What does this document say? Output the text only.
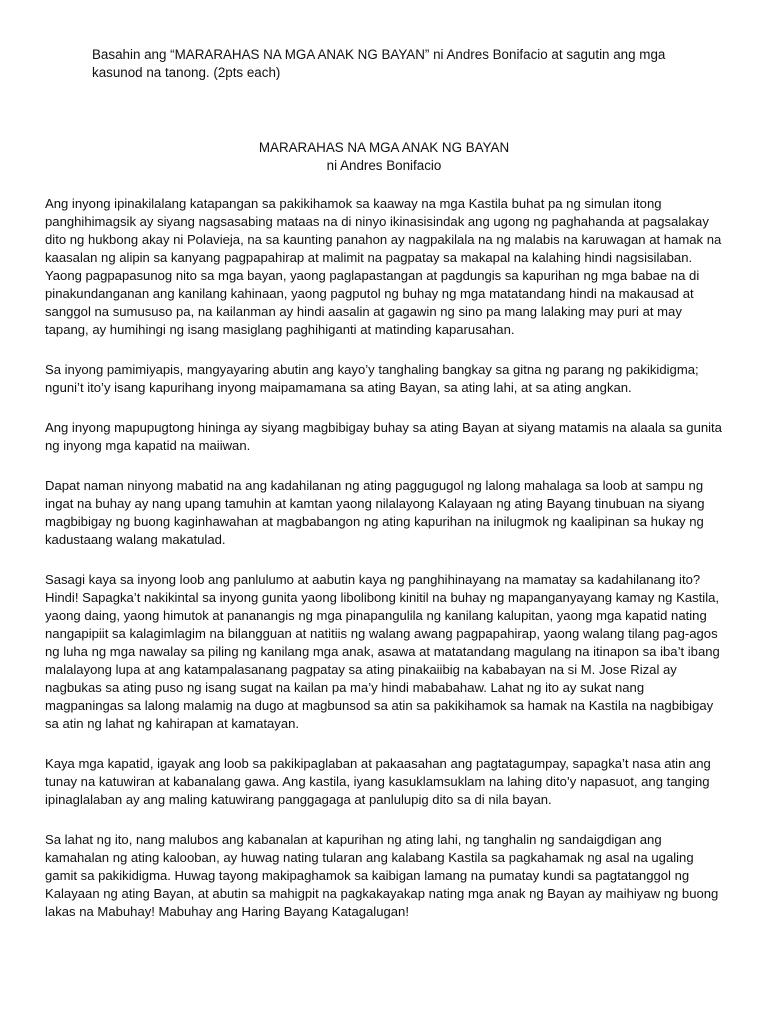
Basahin ang “MARARAHAS NA MGA ANAK NG BAYAN” ni Andres Bonifacio at sagutin ang mga kasunod na tanong. (2pts each)

MARARAHAS NA MGA ANAK NG BAYAN
ni Andres Bonifacio

Ang inyong ipinakilalang katapangan sa pakikihamok sa kaaway na mga Kastila buhat pa ng simulan itong panghihimagsik ay siyang nagsasabing mataas na di ninyo ikinasisindak ang ugong ng paghahanda at pagsalakay dito ng hukbong akay ni Polavieja, na sa kaunting panahon ay nagpakilala na ng malabis na karuwagan at hamak na kaasalan ng alipin sa kanyang pagpapahirap at malimit na pagpatay sa makapal na kalahing hindi nagsisilaban. Yaong pagpapasunog nito sa mga bayan, yaong paglapastangan at pagdungis sa kapurihan ng mga babae na di pinakundanganan ang kanilang kahinaan, yaong pagputol ng buhay ng mga matatandang hindi na makausad at sanggol na sumususo pa, na kailanman ay hindi aasalin at gagawin ng sino pa mang lalaking may puri at may tapang, ay humihingi ng isang masiglang paghihiganti at matinding kaparusahan.

Sa inyong pamimiyapis, mangyayaring abutin ang kayo’y tanghaling bangkay sa gitna ng parang ng pakikidigma; nguni’t ito’y isang kapurihang inyong maipamamana sa ating Bayan, sa ating lahi, at sa ating angkan.

Ang inyong mapupugtong hininga ay siyang magbibigay buhay sa ating Bayan at siyang matamis na alaala sa gunita ng inyong mga kapatid na maiiwan.

Dapat naman ninyong mabatid na ang kadahilanan ng ating paggugugol ng lalong mahalaga sa loob at sampu ng ingat na buhay ay nang upang tamuhin at kamtan yaong nilalayong Kalayaan ng ating Bayang tinubuan na siyang magbibigay ng buong kaginhawahan at magbabangon ng ating kapurihan na inilugmok ng kaalipinan sa hukay ng kadustaang walang makatulad.

Sasagi kaya sa inyong loob ang panlulumo at aabutin kaya ng panghihinayang na mamatay sa kadahilanang ito? Hindi! Sapagka’t nakikintal sa inyong gunita yaong libolibong kinitil na buhay ng mapanganyayang kamay ng Kastila, yaong daing, yaong himutok at pananangis ng mga pinapangulila ng kanilang kalupitan, yaong mga kapatid nating nangapipiit sa kalagimlagim na bilangguan at natitiis ng walang awang pagpapahirap, yaong walang tilang pag-agos ng luha ng mga nawalay sa piling ng kanilang mga anak, asawa at matatandang magulang na itinapon sa iba’t ibang malalayong lupa at ang katampalasanang pagpatay sa ating pinakaiibig na kababayan na si M. Jose Rizal ay nagbukas sa ating puso ng isang sugat na kailan pa ma’y hindi mababahaw. Lahat ng ito ay sukat nang magpaningas sa lalong malamig na dugo at magbunsod sa atin sa pakikihamok sa hamak na Kastila na nagbibigay sa atin ng lahat ng kahirapan at kamatayan.

Kaya mga kapatid, igayak ang loob sa pakikipaglaban at pakaasahan ang pagtatagumpay, sapagka’t nasa atin ang tunay na katuwiran at kabanalang gawa. Ang kastila, iyang kasuklamsuklam na lahing dito’y napasuot, ang tanging ipinaglalaban ay ang maling katuwirang panggagaga at panlulupig dito sa di nila bayan.

Sa lahat ng ito, nang malubos ang kabanalan at kapurihan ng ating lahi, ng tanghalin ng sandaigdigan ang kamahalan ng ating kalooban, ay huwag nating tularan ang kalabang Kastila sa pagkahamak ng asal na ugaling gamit sa pakikidigma. Huwag tayong makipaghamok sa kaibigan lamang na pumatay kundi sa pagtatanggol ng Kalayaan ng ating Bayan, at abutin sa mahigpit na pagkakayakap nating mga anak ng Bayan ay maihiyaw ng buong lakas na Mabuhay! Mabuhay ang Haring Bayang Katagalugan!
